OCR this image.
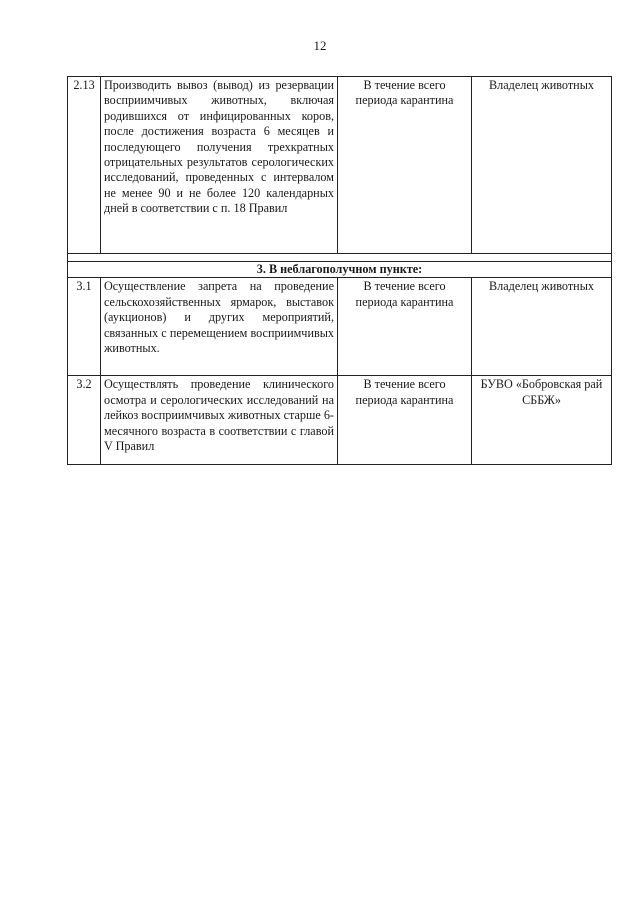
12
2.13	Производить вывоз (вывод) из резервации восприимчивых животных, включая родившихся от инфицированных коров, после достижения возраста 6 месяцев и последующего получения трехкратных отрицательных результатов серологических исследований, проведенных с интервалом не менее 90 и не более 120 календарных дней в соответствии с п. 18 Правил	В течение всего периода карантина	Владелец животных

3. В неблагополучном пункте:			
3.1	Осуществление запрета на проведение сельскохозяйственных ярмарок, выставок (аукционов) и других мероприятий, связанных с перемещением восприимчивых животных.	В течение всего периода карантина	Владелец животных
3.2	Осуществлять проведение клинического осмотра и серологических исследований на лейкоз восприимчивых животных старше 6-месячного возраста в соответствии с главой V Правил	В течение всего периода карантина	БУВО «Бобровская рай СББЖ»
